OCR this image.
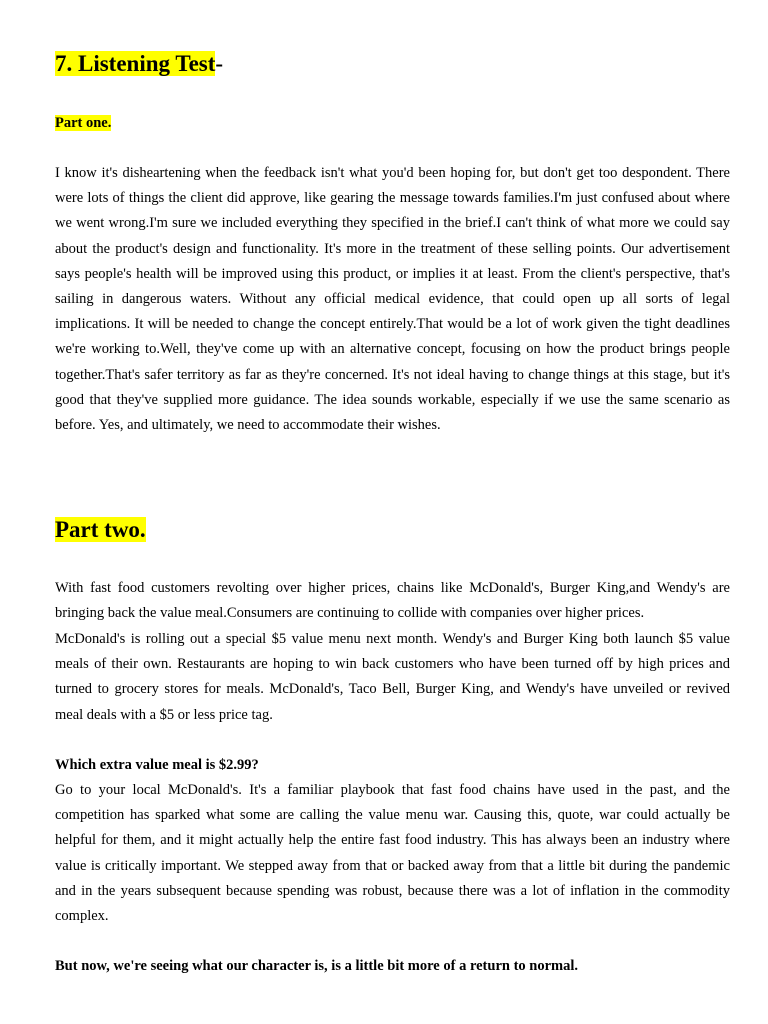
7. Listening Test-
Part one.

I know it's disheartening when the feedback isn't what you'd been hoping for, but don't get too despondent. There were lots of things the client did approve, like gearing the message towards families.I'm just confused about where we went wrong.I'm sure we included everything they specified in the brief.I can't think of what more we could say about the product's design and functionality. It's more in the treatment of these selling points. Our advertisement says people's health will be improved using this product, or implies it at least. From the client's perspective, that's sailing in dangerous waters. Without any official medical evidence, that could open up all sorts of legal implications. It will be needed to change the concept entirely.That would be a lot of work given the tight deadlines we're working to.Well, they've come up with an alternative concept, focusing on how the product brings people together.That's safer territory as far as they're concerned. It's not ideal having to change things at this stage, but it's good that they've supplied more guidance. The idea sounds workable, especially if we use the same scenario as before. Yes, and ultimately, we need to accommodate their wishes.

Part two.

With fast food customers revolting over higher prices, chains like McDonald's, Burger King,and Wendy's are bringing back the value meal.Consumers are continuing to collide with companies over higher prices.

McDonald's is rolling out a special $5 value menu next month. Wendy's and Burger King both launch $5 value meals of their own. Restaurants are hoping to win back customers who have been turned off by high prices and turned to grocery stores for meals. McDonald's, Taco Bell, Burger King, and Wendy's have unveiled or revived meal deals with a $5 or less price tag.

Which extra value meal is $2.99?

Go to your local McDonald's. It's a familiar playbook that fast food chains have used in the past, and the competition has sparked what some are calling the value menu war. Causing this, quote, war could actually be helpful for them, and it might actually help the entire fast food industry. This has always been an industry where value is critically important. We stepped away from that or backed away from that a little bit during the pandemic and in the years subsequent because spending was robust, because there was a lot of inflation in the commodity complex.

But now, we're seeing what our character is, is a little bit more of a return to normal.
